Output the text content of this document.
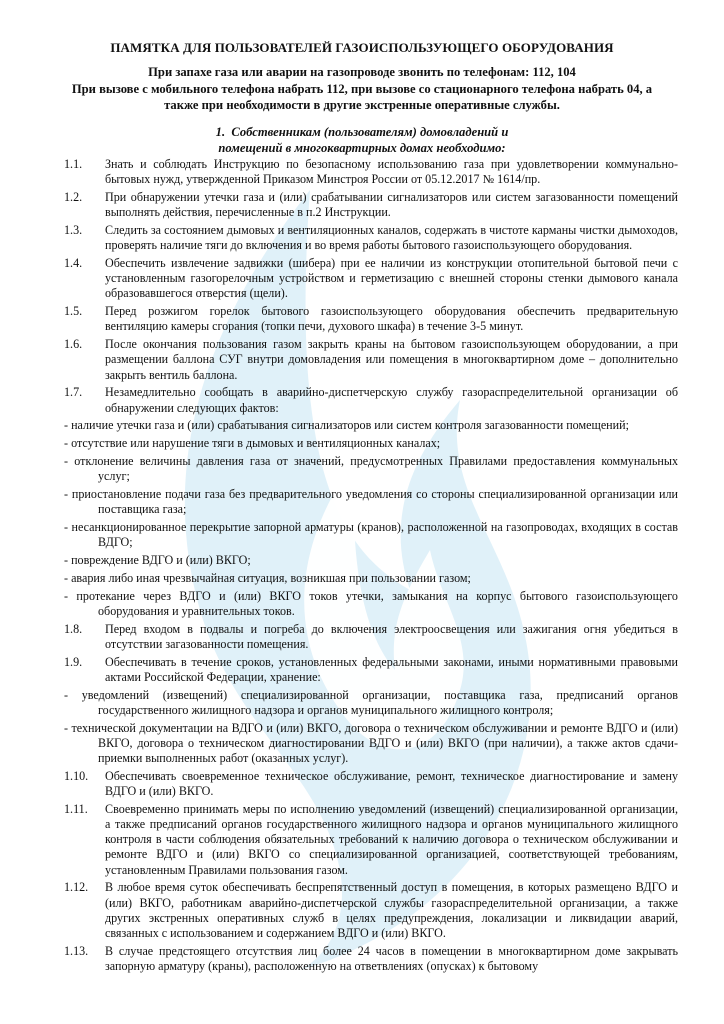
ПАМЯТКА ДЛЯ ПОЛЬЗОВАТЕЛЕЙ ГАЗОИСПОЛЬЗУЮЩЕГО ОБОРУДОВАНИЯ
При запахе газа или аварии на газопроводе звонить по телефонам: 112, 104
При вызове с мобильного телефона набрать 112, при вызове со стационарного телефона набрать 04, а также при необходимости в другие экстренные оперативные службы.
1. Собственникам (пользователям) домовладений и
помещений в многоквартирных домах необходимо:
1.1. Знать и соблюдать Инструкцию по безопасному использованию газа при удовлетворении коммунально-бытовых нужд, утвержденной Приказом Минстроя России от 05.12.2017 № 1614/пр.
1.2. При обнаружении утечки газа и (или) срабатывании сигнализаторов или систем загазованности помещений выполнять действия, перечисленные в п.2 Инструкции.
1.3. Следить за состоянием дымовых и вентиляционных каналов, содержать в чистоте карманы чистки дымоходов, проверять наличие тяги до включения и во время работы бытового газоиспользующего оборудования.
1.4. Обеспечить извлечение задвижки (шибера) при ее наличии из конструкции отопительной бытовой печи с установленным газогорелочным устройством и герметизацию с внешней стороны стенки дымового канала образовавшегося отверстия (щели).
1.5. Перед розжигом горелок бытового газоиспользующего оборудования обеспечить предварительную вентиляцию камеры сгорания (топки печи, духового шкафа) в течение 3-5 минут.
1.6. После окончания пользования газом закрыть краны на бытовом газоиспользующем оборудовании, а при размещении баллона СУГ внутри домовладения или помещения в многоквартирном доме – дополнительно закрыть вентиль баллона.
1.7. Незамедлительно сообщать в аварийно-диспетчерскую службу газораспределительной организации об обнаружении следующих фактов:
- наличие утечки газа и (или) срабатывания сигнализаторов или систем контроля загазованности помещений;
- отсутствие или нарушение тяги в дымовых и вентиляционных каналах;
- отклонение величины давления газа от значений, предусмотренных Правилами предоставления коммунальных услуг;
- приостановление подачи газа без предварительного уведомления со стороны специализированной организации или поставщика газа;
- несанкционированное перекрытие запорной арматуры (кранов), расположенной на газопроводах, входящих в состав ВДГО;
- повреждение ВДГО и (или) ВКГО;
- авария либо иная чрезвычайная ситуация, возникшая при пользовании газом;
- протекание через ВДГО и (или) ВКГО токов утечки, замыкания на корпус бытового газоиспользующего оборудования и уравнительных токов.
1.8. Перед входом в подвалы и погреба до включения электроосвещения или зажигания огня убедиться в отсутствии загазованности помещения.
1.9. Обеспечивать в течение сроков, установленных федеральными законами, иными нормативными правовыми актами Российской Федерации, хранение:
- уведомлений (извещений) специализированной организации, поставщика газа, предписаний органов государственного жилищного надзора и органов муниципального жилищного контроля;
- технической документации на ВДГО и (или) ВКГО, договора о техническом обслуживании и ремонте ВДГО и (или) ВКГО, договора о техническом диагностировании ВДГО и (или) ВКГО (при наличии), а также актов сдачи-приемки выполненных работ (оказанных услуг).
1.10. Обеспечивать своевременное техническое обслуживание, ремонт, техническое диагностирование и замену ВДГО и (или) ВКГО.
1.11. Своевременно принимать меры по исполнению уведомлений (извещений) специализированной организации, а также предписаний органов государственного жилищного надзора и органов муниципального жилищного контроля в части соблюдения обязательных требований к наличию договора о техническом обслуживании и ремонте ВДГО и (или) ВКГО со специализированной организацией, соответствующей требованиям, установленным Правилами пользования газом.
1.12. В любое время суток обеспечивать беспрепятственный доступ в помещения, в которых размещено ВДГО и (или) ВКГО, работникам аварийно-диспетчерской службы газораспределительной организации, а также других экстренных оперативных служб в целях предупреждения, локализации и ликвидации аварий, связанных с использованием и содержанием ВДГО и (или) ВКГО.
1.13. В случае предстоящего отсутствия лиц более 24 часов в помещении в многоквартирном доме закрывать запорную арматуру (краны), расположенную на ответвлениях (опусках) к бытовому
